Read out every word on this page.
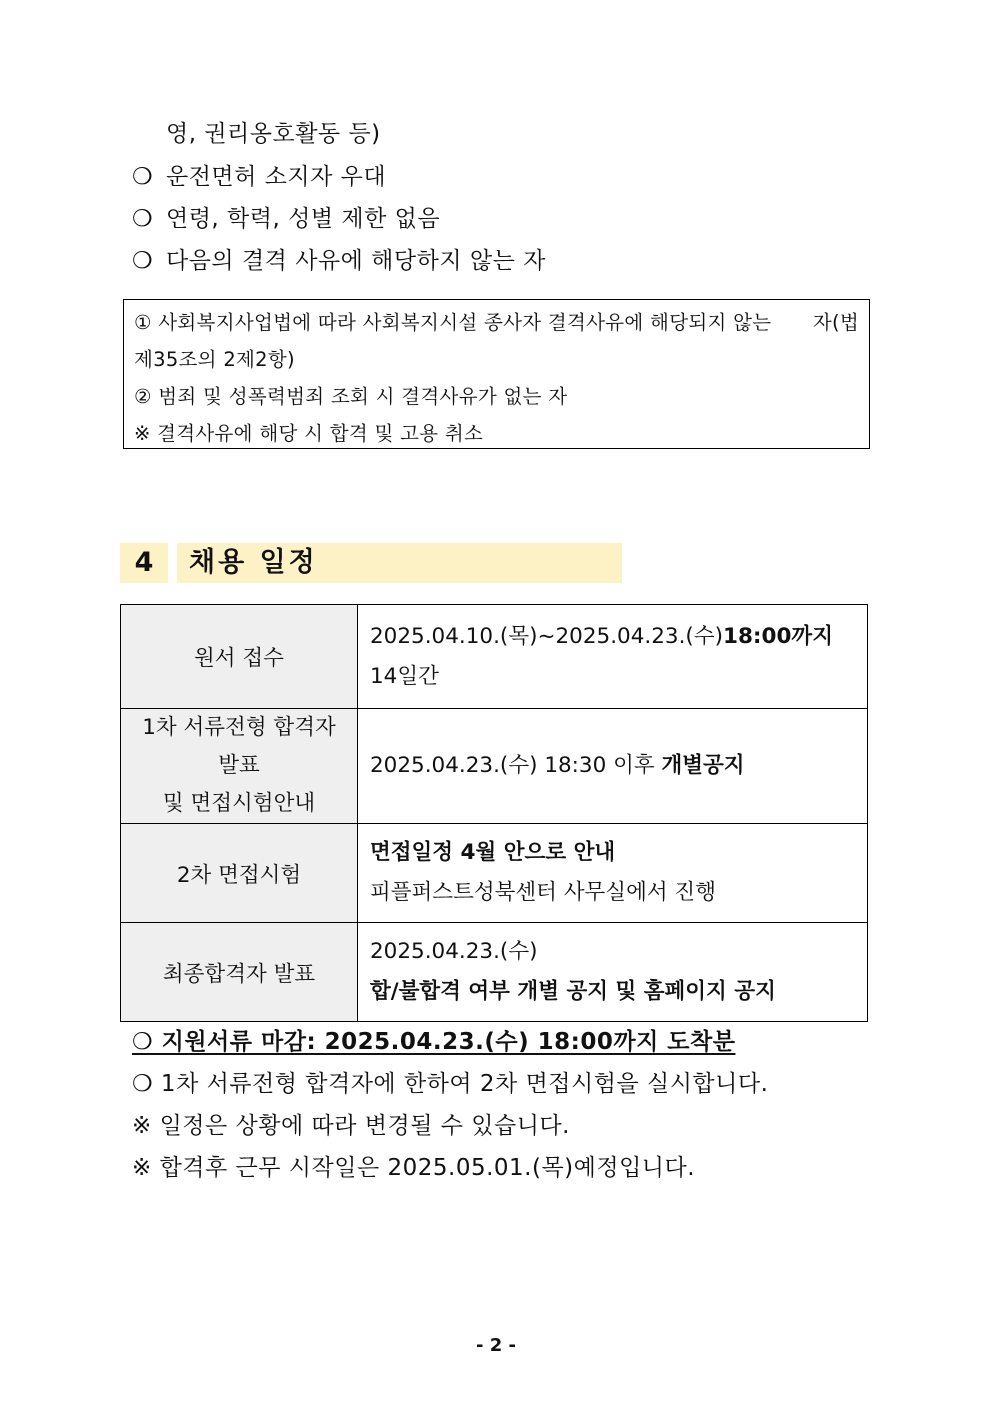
영, 권리옹호활동 등)
❍ 운전면허 소지자 우대
❍ 연령, 학력, 성별 제한 없음
❍ 다음의 결격 사유에 해당하지 않는 자
① 사회복지사업법에 따라 사회복지시설 종사자 결격사유에 해당되지 않는 자(법
제35조의 2제2항)
② 범죄 및 성폭력범죄 조회 시 결격사유가 없는 자
※ 결격사유에 해당 시 합격 및 고용 취소
4	채용 일정
원서 접수	2025.04.10.(목)~2025.04.23.(수)18:00까지
14일간

1차 서류전형 합격자발표
및 면접시험안내	2025.04.23.(수) 18:30 이후 개별공지
2차 면접시험	면접일정 4월 안으로 안내
피플퍼스트성북센터 사무실에서 진행

최종합격자 발표	2025.04.23.(수)
합/불합격 여부 개별 공지 및 홈페이지 공지
❍ 지원서류 마감: 2025.04.23.(수) 18:00까지 도착분
❍ 1차 서류전형 합격자에 한하여 2차 면접시험을 실시합니다.
※ 일정은 상황에 따라 변경될 수 있습니다.
※ 합격후 근무 시작일은 2025.05.01.(목)예정입니다.
- 2 -
